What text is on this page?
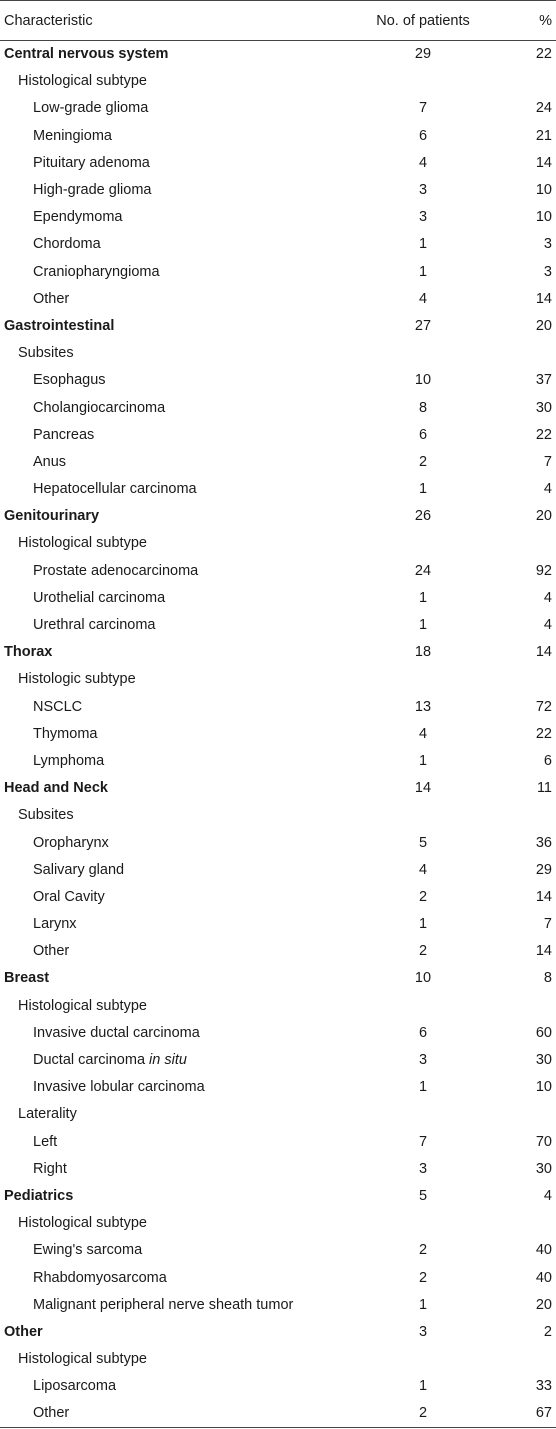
Characteristic	No. of patients	%
Central nervous system	29	22
Histological subtype		
Low-grade glioma	7	24
Meningioma	6	21
Pituitary adenoma	4	14
High-grade glioma	3	10
Ependymoma	3	10
Chordoma	1	3
Craniopharyngioma	1	3
Other	4	14
Gastrointestinal	27	20
Subsites		
Esophagus	10	37
Cholangiocarcinoma	8	30
Pancreas	6	22
Anus	2	7
Hepatocellular carcinoma	1	4
Genitourinary	26	20
Histological subtype		
Prostate adenocarcinoma	24	92
Urothelial carcinoma	1	4
Urethral carcinoma	1	4
Thorax	18	14
Histologic subtype		
NSCLC	13	72
Thymoma	4	22
Lymphoma	1	6
Head and Neck	14	11
Subsites		
Oropharynx	5	36
Salivary gland	4	29
Oral Cavity	2	14
Larynx	1	7
Other	2	14
Breast	10	8
Histological subtype		
Invasive ductal carcinoma	6	60
Ductal carcinoma in situ	3	30
Invasive lobular carcinoma	1	10
Laterality		
Left	7	70
Right	3	30
Pediatrics	5	4
Histological subtype		
Ewing's sarcoma	2	40
Rhabdomyosarcoma	2	40
Malignant peripheral nerve sheath tumor	1	20
Other	3	2
Histological subtype		
Liposarcoma	1	33
Other	2	67
